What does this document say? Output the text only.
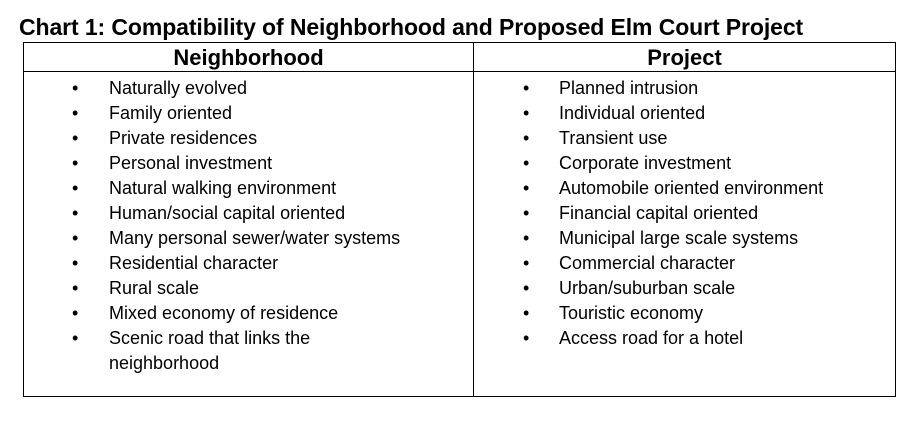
Chart 1: Compatibility of Neighborhood and Proposed Elm Court Project
Neighborhood	Project
• Naturally evolved
• Family oriented
• Private residences
• Personal investment
• Natural walking environment
• Human/social capital oriented
• Many personal sewer/water systems
• Residential character
• Rural scale
• Mixed economy of residence
• Scenic road that links the
neighborhood
• Planned intrusion
• Individual oriented
• Transient use
• Corporate investment
• Automobile oriented environment
• Financial capital oriented
• Municipal large scale systems
• Commercial character
• Urban/suburban scale
• Touristic economy
• Access road for a hotel
